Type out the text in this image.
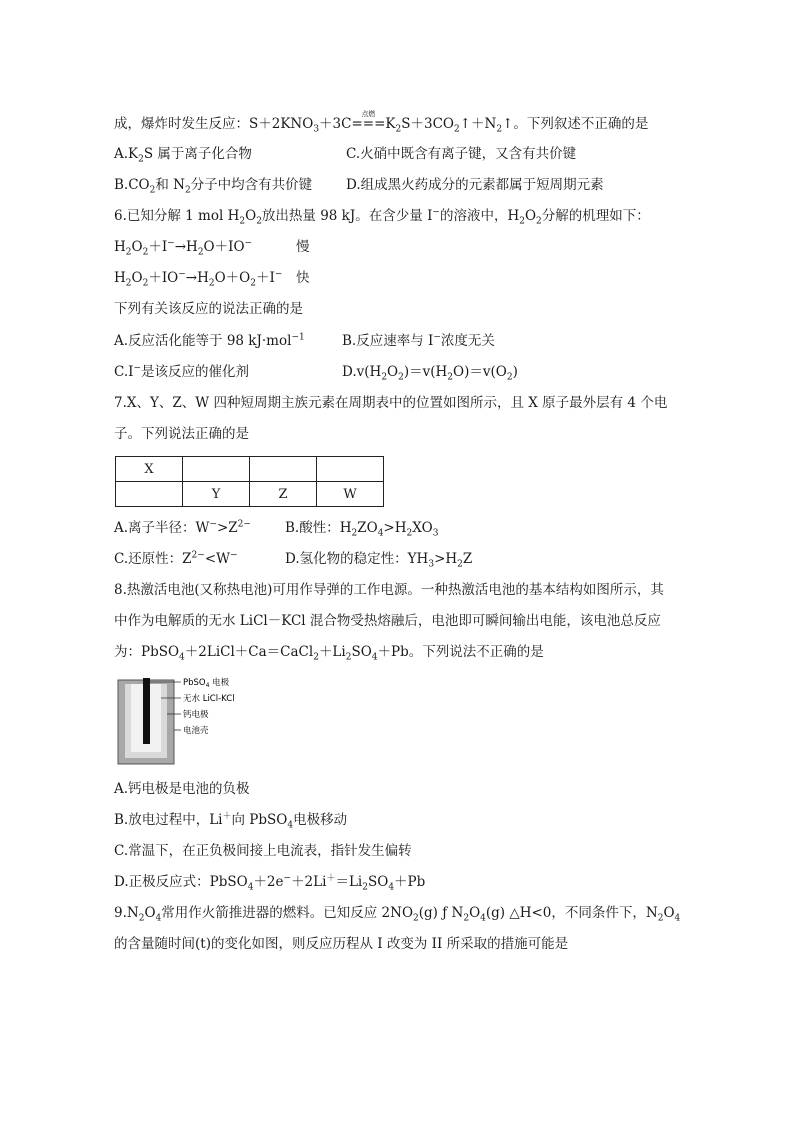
成，爆炸时发生反应：$S+2KNO_3+3C$
点燃
$===K_2S+3CO_2↑+N_2↑$。下列叙述不正确的是
$A.K_2S$ 属于离子化合物	C.火硝中既含有离子键，又含有共价键
$B.CO_2$和 $N_2$分子中均含有共价键	D.组成黑火药成分的元素都属于短周期元素
6.已知分解 1 mol $H_2O_2$放出热量 98 kJ。在含少量 I−的溶液中，$H_2O_2$分解的机理如下：
$H_2O_2+I^-\to H_2O+IO^-$	慢
$H_2O_2+IO^-\to H_2O+O_2+I^-$ 快
下列有关该反应的说法正确的是
A.反应活化能等于 98 kJ·mol$^{-1}$	B.反应速率与 I−浓度无关
C.I−是该反应的催化剂	$D.v(H_2O_2)=v(H_2O)=v(O_2)$
7.X、Y、Z、W 四种短周期主族元素在周期表中的位置如图所示，且 X 原子最外层有 4 个电
子。下列说法正确的是
X			
	Y	Z	W
A.离子半径：$W^->Z^{2-}$	B.酸性：$H_2ZO_4>H_2XO_3$
C.还原性：$Z^{2-}<W^-$	D.氢化物的稳定性：$YH_3>H_2Z$
8.热激活电池(又称热电池)可用作导弹的工作电源。一种热激活电池的基本结构如图所示，其
中作为电解质的无水 LiCl－KCl 混合物受热熔融后，电池即可瞬间输出电能，该电池总反应
为：$PbSO_4+2LiCl+Ca=CaCl_2+Li_2SO_4+Pb$。下列说法不正确的是
PbSO$_4$ 电极
无水 LiCl-KCl
钙电极
电池壳
A.钙电极是电池的负极
B.放电过程中，Li＋向 PbSO$_4$电极移动
C.常温下，在正负极间接上电流表，指针发生偏转
D.正极反应式：$PbSO_4+2e^-+2Li^+=Li_2SO_4+Pb$
$9.N_2O_4$常用作火箭推进器的燃料。已知反应 $2NO_2(g)$ ƒ $N_2O_4(g)$ △H<0，不同条件下，$N_2O_4$
的含量随时间(t)的变化如图，则反应历程从 I 改变为 II 所采取的措施可能是
